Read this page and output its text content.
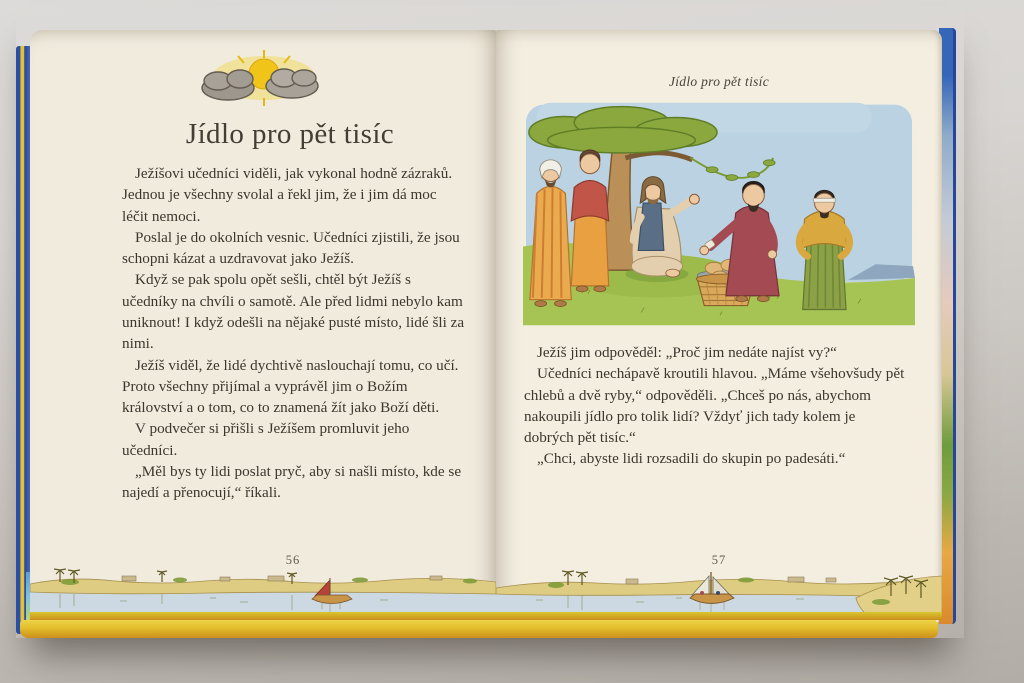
Jídlo pro pět tisíc

Ježíšovi učedníci viděli, jak vykonal hodně zázraků. Jednou je všechny svolal a řekl jim, že i jim dá moc léčit nemoci.

Poslal je do okolních vesnic. Učedníci zjistili, že jsou schopni kázat a uzdravovat jako Ježíš.

Když se pak spolu opět sešli, chtěl být Ježíš s učedníky na chvíli o samotě. Ale před lidmi nebylo kam uniknout! I když odešli na nějaké pusté místo, lidé šli za nimi.

Ježíš viděl, že lidé dychtivě naslouchají tomu, co učí. Proto všechny přijímal a vyprávěl jim o Božím království a o tom, co to znamená žít jako Boží děti.

V podvečer si přišli s Ježíšem promluvit jeho učedníci.

„Měl bys ty lidi poslat pryč, aby si našli místo, kde se najedí a přenocují,“ říkali.

56
Jídlo pro pět tisíc

Ježíš jim odpověděl: „Proč jim nedáte najíst vy?“

Učedníci nechápavě kroutili hlavou. „Máme všehovšudy pět chlebů a dvě ryby,“ odpověděli. „Chceš po nás, abychom nakoupili jídlo pro tolik lidí? Vždyť jich tady kolem je dobrých pět tisíc.“

„Chci, abyste lidi rozsadili do skupin po padesáti.“

57
